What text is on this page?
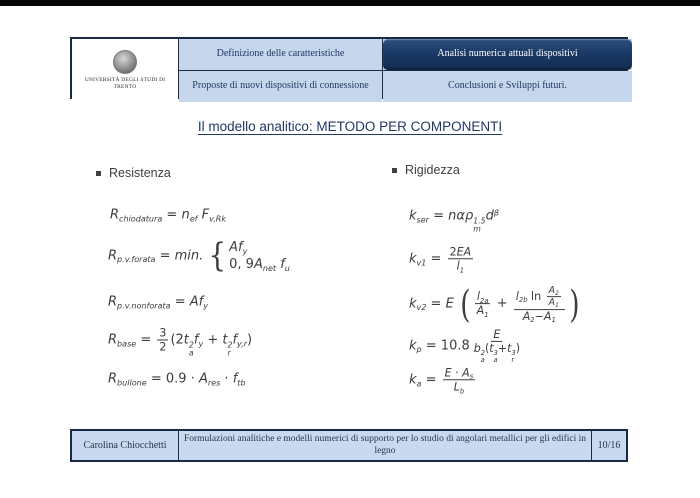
UNIVERSITÀ DEGLI STUDI DI TRENTO
Definizione delle caratteristiche	Analisi numerica attuali dispositivi
Proposte di nuovi dispositivi di connessione	Conclusioni e Sviluppi futuri.
Il modello analitico: METODO PER COMPONENTI
Resistenza	Rigidezza
$R_{chiodatura} = n_{ef}$ $F_{v,Rk}$
$R_{p.v.forata} = \min$. { $Af_y$
0, $9A_{net}$ $f_u$
$R_{p.v.nonforata} = Af_y$
$R_{base} = \frac{3}{2} (2t$ 2
a
$f_y + t$ 2
r
$f_{y,r}$)
$R_{bullone} = 0.9 \cdot A_{res} \cdot f_{tb}$
$k_{ser} = n\alpha\rho$ 1.5
m
$d^\beta$
$k_{v1} = \frac{2EA}{l_1}$
$k_{v2} = E$ ( $\frac{l_{2a}}{A_1} + \frac{l_{2b} \ln \frac{A_2}{A_1}}{A_2-A_1}$ )
$k_p = 10.8$ E
b 2
a
(t 3
a
+t 3
r
)
$k_a = \frac{E \cdot A_s}{L_b}$
Carolina Chiocchetti
Formulazioni analitiche e modelli numerici di supporto per lo studio di angolari metallici per gli edifici in legno	10/16
